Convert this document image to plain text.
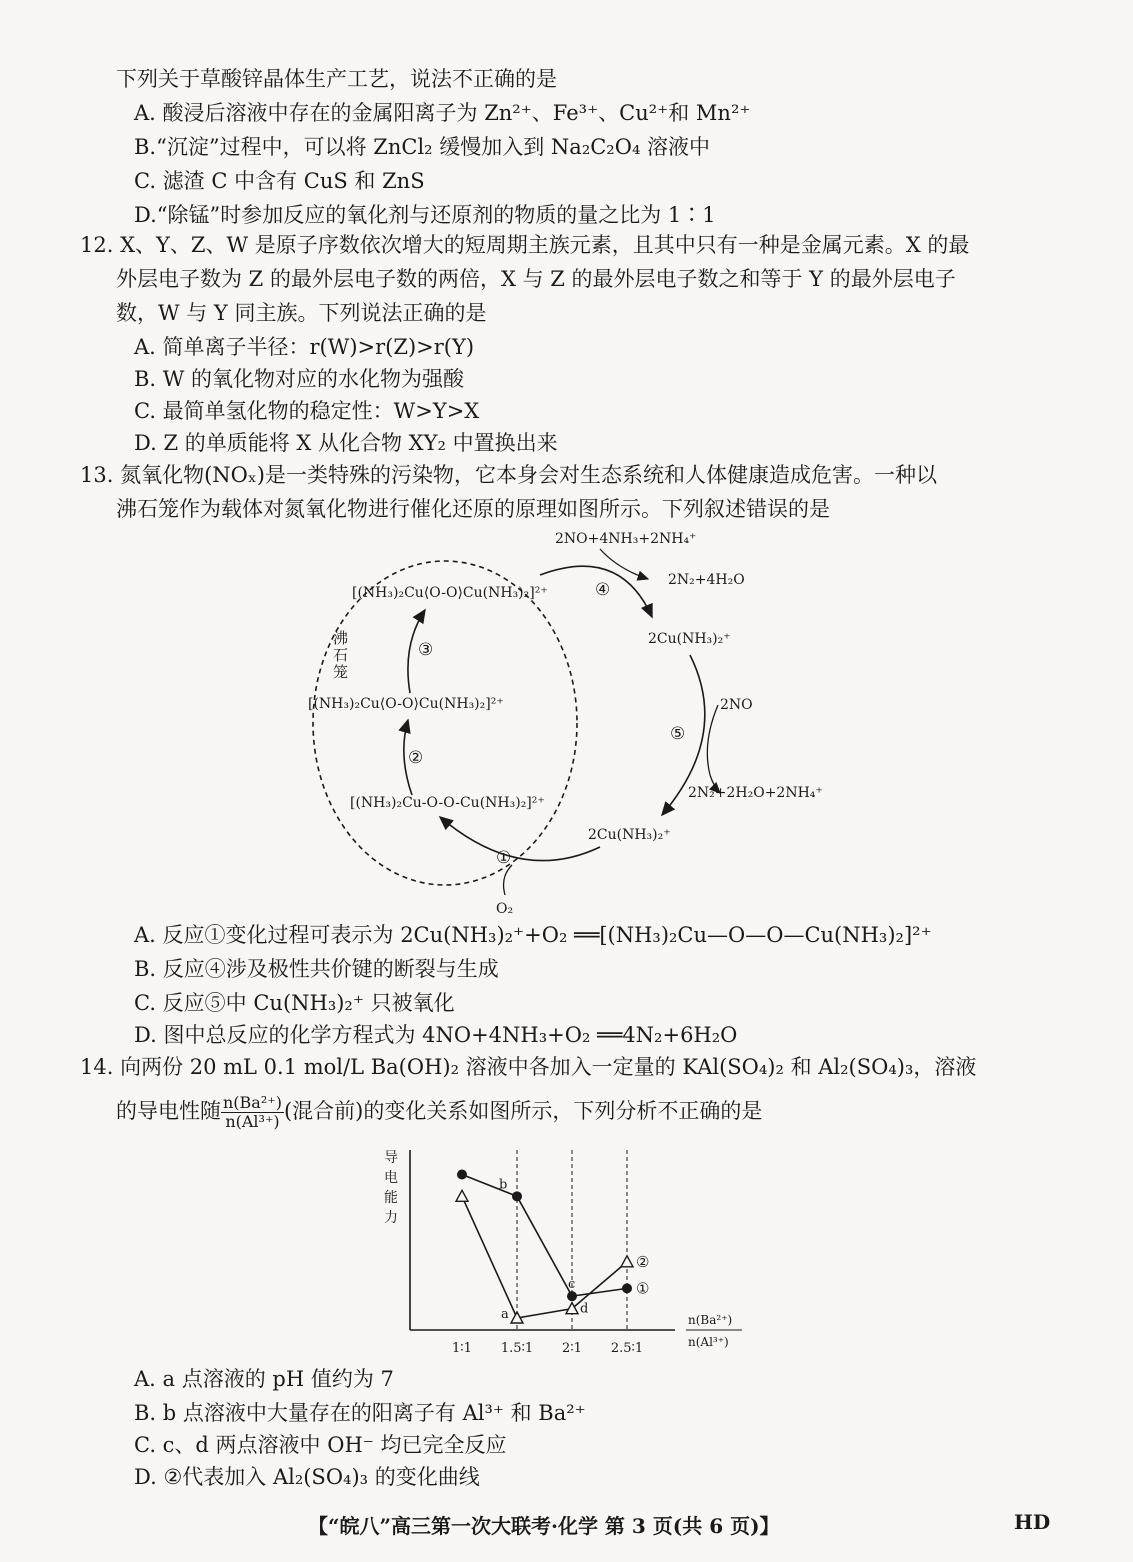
下列关于草酸锌晶体生产工艺，说法不正确的是
A. 酸浸后溶液中存在的金属阳离子为 Zn²⁺、Fe³⁺、Cu²⁺和 Mn²⁺
B.“沉淀”过程中，可以将 ZnCl₂ 缓慢加入到 Na₂C₂O₄ 溶液中
C. 滤渣 C 中含有 CuS 和 ZnS
D.“除锰”时参加反应的氧化剂与还原剂的物质的量之比为 1∶1
12. X、Y、Z、W 是原子序数依次增大的短周期主族元素，且其中只有一种是金属元素。X 的最
外层电子数为 Z 的最外层电子数的两倍，X 与 Z 的最外层电子数之和等于 Y 的最外层电子
数，W 与 Y 同主族。下列说法正确的是
A. 简单离子半径：r(W)>r(Z)>r(Y)
B. W 的氧化物对应的水化物为强酸
C. 最简单氢化物的稳定性：W>Y>X
D. Z 的单质能将 X 从化合物 XY₂ 中置换出来
13. 氮氧化物(NOₓ)是一类特殊的污染物，它本身会对生态系统和人体健康造成危害。一种以
沸石笼作为载体对氮氧化物进行催化还原的原理如图所示。下列叙述错误的是
沸石笼
[(NH₃)₂Cu⟨O-O⟩Cu(NH₃)₂]²⁺
[(NH₃)₂Cu⟨O-O⟩Cu(NH₃)₂]²⁺
[(NH₃)₂Cu-O-O-Cu(NH₃)₂]²⁺
②
③
④
2NO+4NH₃+2NH₄⁺
2N₂+4H₂O
2Cu(NH₃)₂⁺
⑤
2NO
2N₂+2H₂O+2NH₄⁺
2Cu(NH₃)₂⁺
①
O₂
A. 反应①变化过程可表示为 2Cu(NH₃)₂⁺+O₂ ══[(NH₃)₂Cu—O—O—Cu(NH₃)₂]²⁺
B. 反应④涉及极性共价键的断裂与生成
C. 反应⑤中 Cu(NH₃)₂⁺ 只被氧化
D. 图中总反应的化学方程式为 4NO+4NH₃+O₂ ══4N₂+6H₂O
14. 向两份 20 mL 0.1 mol/L Ba(OH)₂ 溶液中各加入一定量的 KAl(SO₄)₂ 和 Al₂(SO₄)₃，溶液
的导电性随 $\frac{\text{n(Ba²⁺)}}{\text{n(Al³⁺)}}$ (混合前)的变化关系如图所示，下列分析不正确的是
导
电
能
力
1∶1 1.5∶1 2∶1 2.5∶1
①
②
a
b
c
d
n(Ba²⁺)
n(Al³⁺)
A. a 点溶液的 pH 值约为 7
B. b 点溶液中大量存在的阳离子有 Al³⁺ 和 Ba²⁺
C. c、d 两点溶液中 OH⁻ 均已完全反应
D. ②代表加入 Al₂(SO₄)₃ 的变化曲线
【“皖八”高三第一次大联考·化学 第 3 页(共 6 页)】	HD
